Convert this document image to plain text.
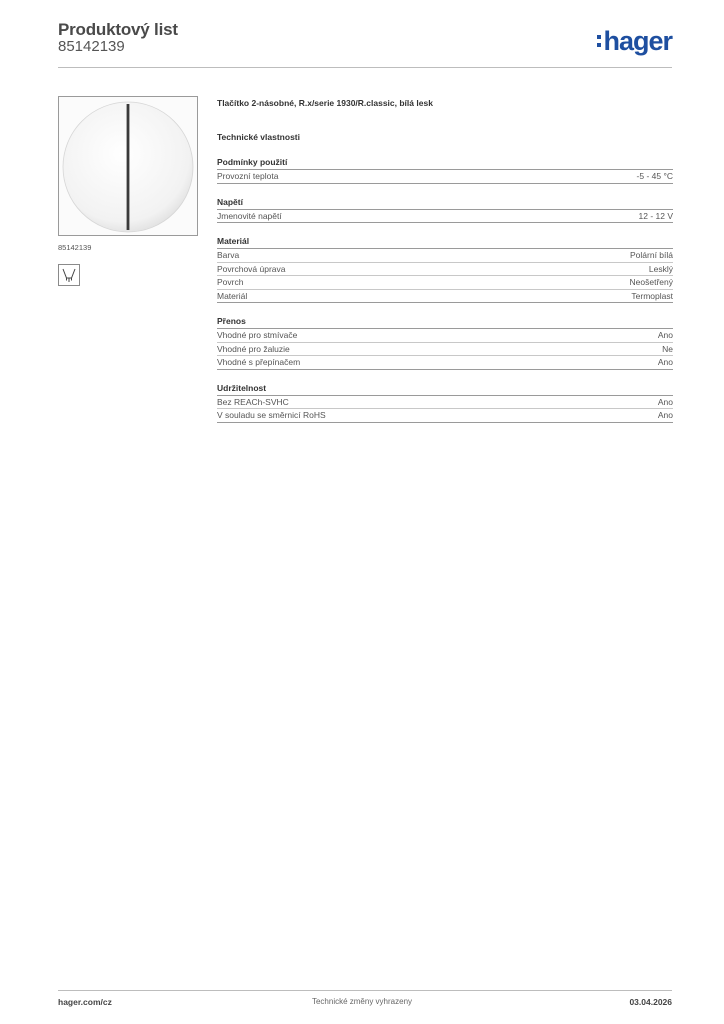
Produktový list
85142139	hager
85142139
Tlačítko 2-násobné, R.x/serie 1930/R.classic, bílá lesk
Technické vlastnosti
Podmínky použití
Provozní teplota	-5 - 45 °C
Napětí
Jmenovité napětí	12 - 12 V
Materiál
Barva	Polární bílá
Povrchová úprava	Lesklý
Povrch	Neošetřený
Materiál	Termoplast
Přenos
Vhodné pro stmívače	Ano
Vhodné pro žaluzie	Ne
Vhodné s přepínačem	Ano
Udržitelnost
Bez REACh-SVHC	Ano
V souladu se směrnicí RoHS	Ano
hager.com/cz	Technické změny vyhrazeny	03.04.2026
